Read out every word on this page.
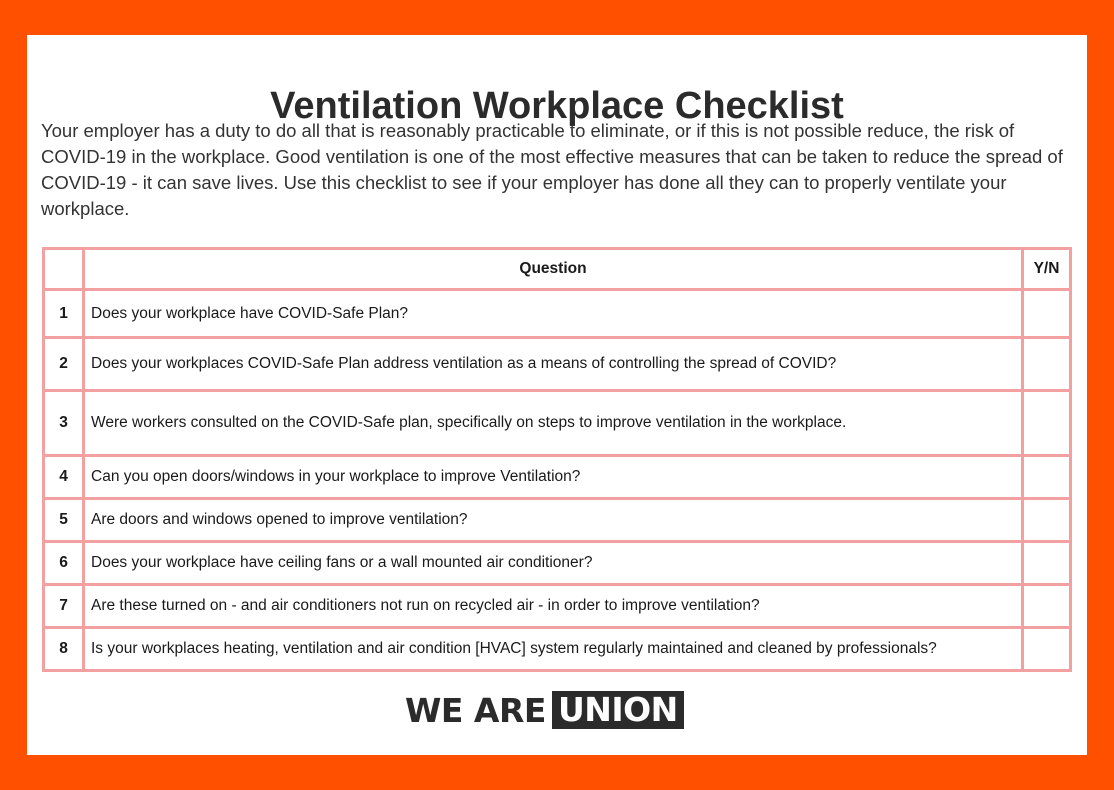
Ventilation Workplace Checklist

Your employer has a duty to do all that is reasonably practicable to eliminate, or if this is not possible reduce, the risk of COVID-19 in the workplace. Good ventilation is one of the most effective measures that can be taken to reduce the spread of COVID-19 - it can save lives. Use this checklist to see if your employer has done all they can to properly ventilate your workplace.

	Question	Y/N
1	Does your workplace have COVID-Safe Plan?	
2	Does your workplaces COVID-Safe Plan address ventilation as a means of controlling the spread of COVID?	
3	Were workers consulted on the COVID-Safe plan, specifically on steps to improve ventilation in the workplace.	
4	Can you open doors/windows in your workplace to improve Ventilation?	
5	Are doors and windows opened to improve ventilation?	
6	Does your workplace have ceiling fans or a wall mounted air conditioner?	
7	Are these turned on - and air conditioners not run on recycled air - in order to improve ventilation?	
8	Is your workplaces heating, ventilation and air condition [HVAC] system regularly maintained and cleaned by professionals?	
WE ARE UNION
